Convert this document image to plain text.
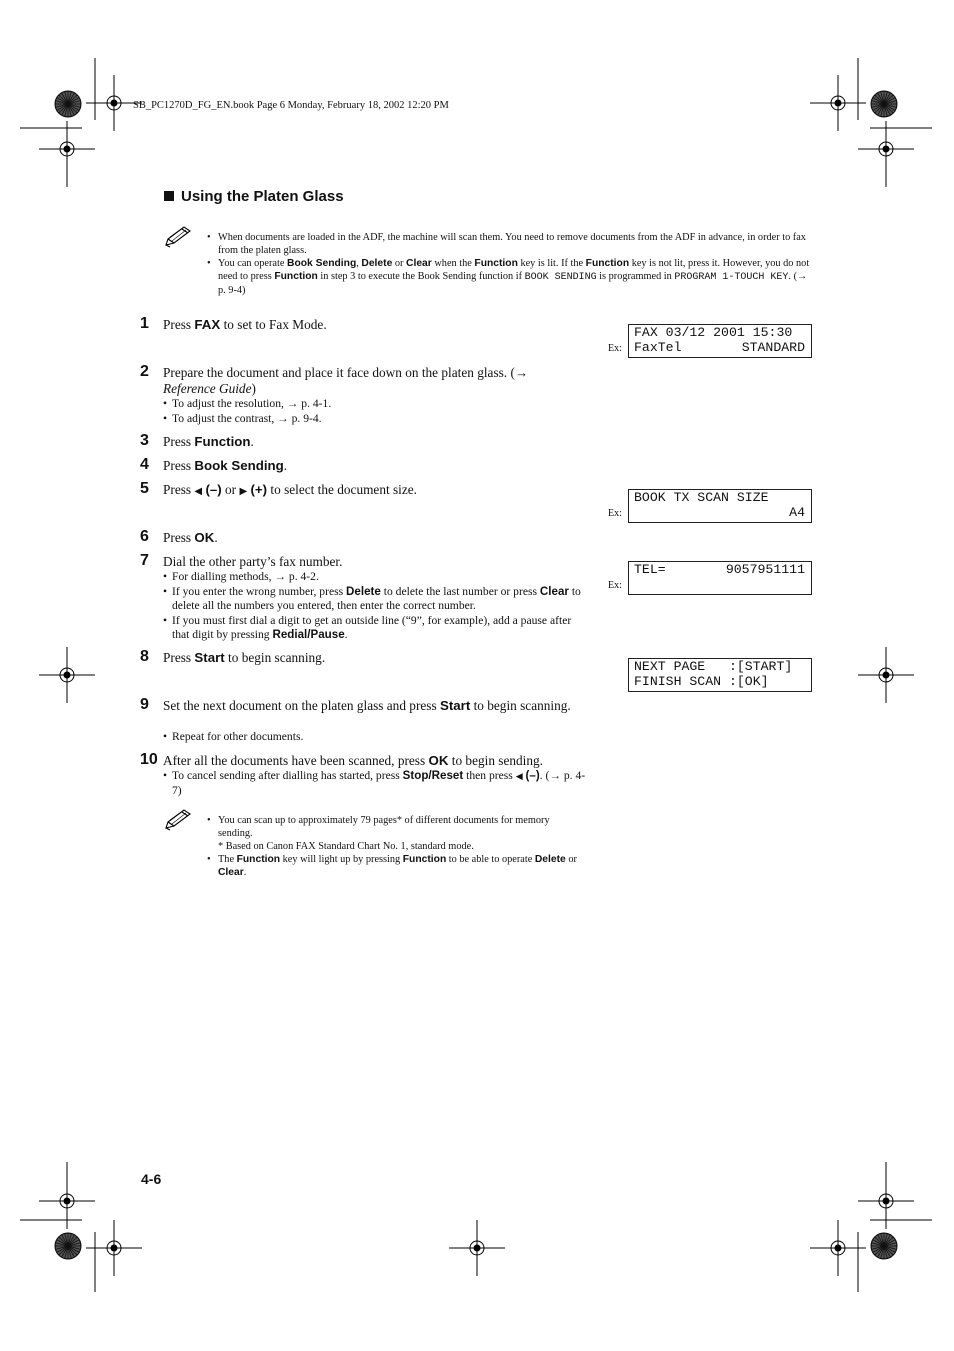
SB_PC1270D_FG_EN.book Page 6 Monday, February 18, 2002 12:20 PM
Using the Platen Glass
• When documents are loaded in the ADF, the machine will scan them. You need to remove documents from the ADF in advance, in order to fax from the platen glass.
• You can operate Book Sending, Delete or Clear when the Function key is lit. If the Function key is not lit, press it. However, you do not need to press Function in step 3 to execute the Book Sending function if BOOK SENDING is programmed in PROGRAM 1-TOUCH KEY. (→ p. 9-4)
1 Press FAX to set to Fax Mode.
2 Prepare the document and place it face down on the platen glass. (→ Reference Guide)
• To adjust the resolution, → p. 4-1.
• To adjust the contrast, → p. 9-4.
3 Press Function.
4 Press Book Sending.
5 Press ◀ (–) or ▶ (+) to select the document size.
6 Press OK.
7 Dial the other party’s fax number.
• For dialling methods, → p. 4-2.
• If you enter the wrong number, press Delete to delete the last number or press Clear to delete all the numbers you entered, then enter the correct number.
• If you must first dial a digit to get an outside line (“9”, for example), add a pause after that digit by pressing Redial/Pause.
8 Press Start to begin scanning.
9 Set the next document on the platen glass and press Start to begin scanning.
• Repeat for other documents.
10 After all the documents have been scanned, press OK to begin sending.
• To cancel sending after dialling has started, press Stop/Reset then press ◀ (–). (→ p. 4-7)
Ex:
FAX 03/12 2001 15:30
FaxTel	STANDARD
Ex:
BOOK TX SCAN SIZE
A4
Ex:
TEL=	9057951111
NEXT PAGE   :[START]
FINISH SCAN :[OK]
• You can scan up to approximately 79 pages* of different documents for memory sending.
* Based on Canon FAX Standard Chart No. 1, standard mode.
• The Function key will light up by pressing Function to be able to operate Delete or Clear.
4-6
